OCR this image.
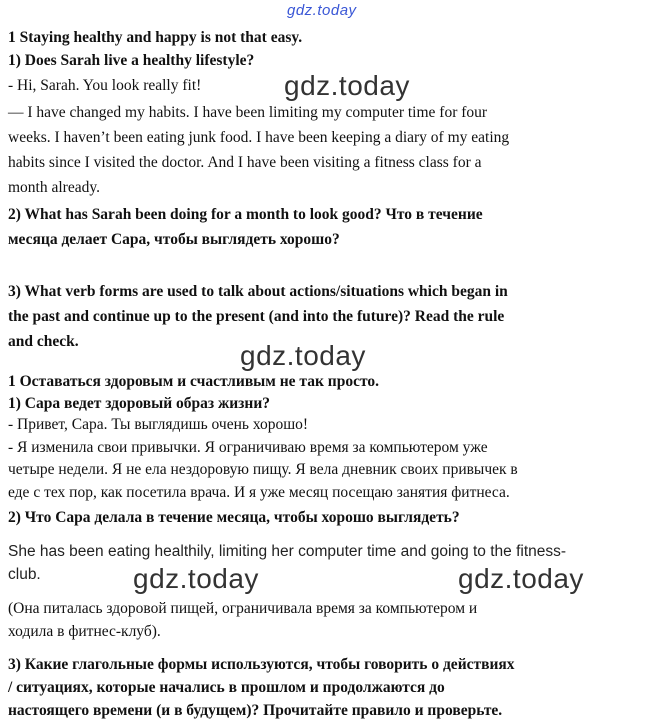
gdz.today

1 Staying healthy and happy is not that easy.

1) Does Sarah live a healthy lifestyle?

- Hi, Sarah. You look really fit!	gdz.today

— I have changed my habits. I have been limiting my computer time for four

weeks. I haven’t been eating junk food. I have been keeping a diary of my eating

habits since I visited the doctor. And I have been visiting a fitness class for a

month already.

2) What has Sarah been doing for a month to look good? Что в течение

месяца делает Сара, чтобы выглядеть хорошо?

3) What verb forms are used to talk about actions/situations which began in

the past and continue up to the present (and into the future)? Read the rule

and check.	gdz.today

1 Оставаться здоровым и счастливым не так просто.

1) Сара ведет здоровый образ жизни?

- Привет, Сара. Ты выглядишь очень хорошо!

- Я изменила свои привычки. Я ограничиваю время за компьютером уже

четыре недели. Я не ела нездоровую пищу. Я вела дневник своих привычек в

еде с тех пор, как посетила врача. И я уже месяц посещаю занятия фитнеса.

2) Что Сара делала в течение месяца, чтобы хорошо выглядеть?

She has been eating healthily, limiting her computer time and going to the fitness-

club.	gdz.today	gdz.today

(Она питалась здоровой пищей, ограничивала время за компьютером и

ходила в фитнес-клуб).

3) Какие глагольные формы используются, чтобы говорить о действиях

/ ситуациях, которые начались в прошлом и продолжаются до

настоящего времени (и в будущем)? Прочитайте правило и проверьте.
